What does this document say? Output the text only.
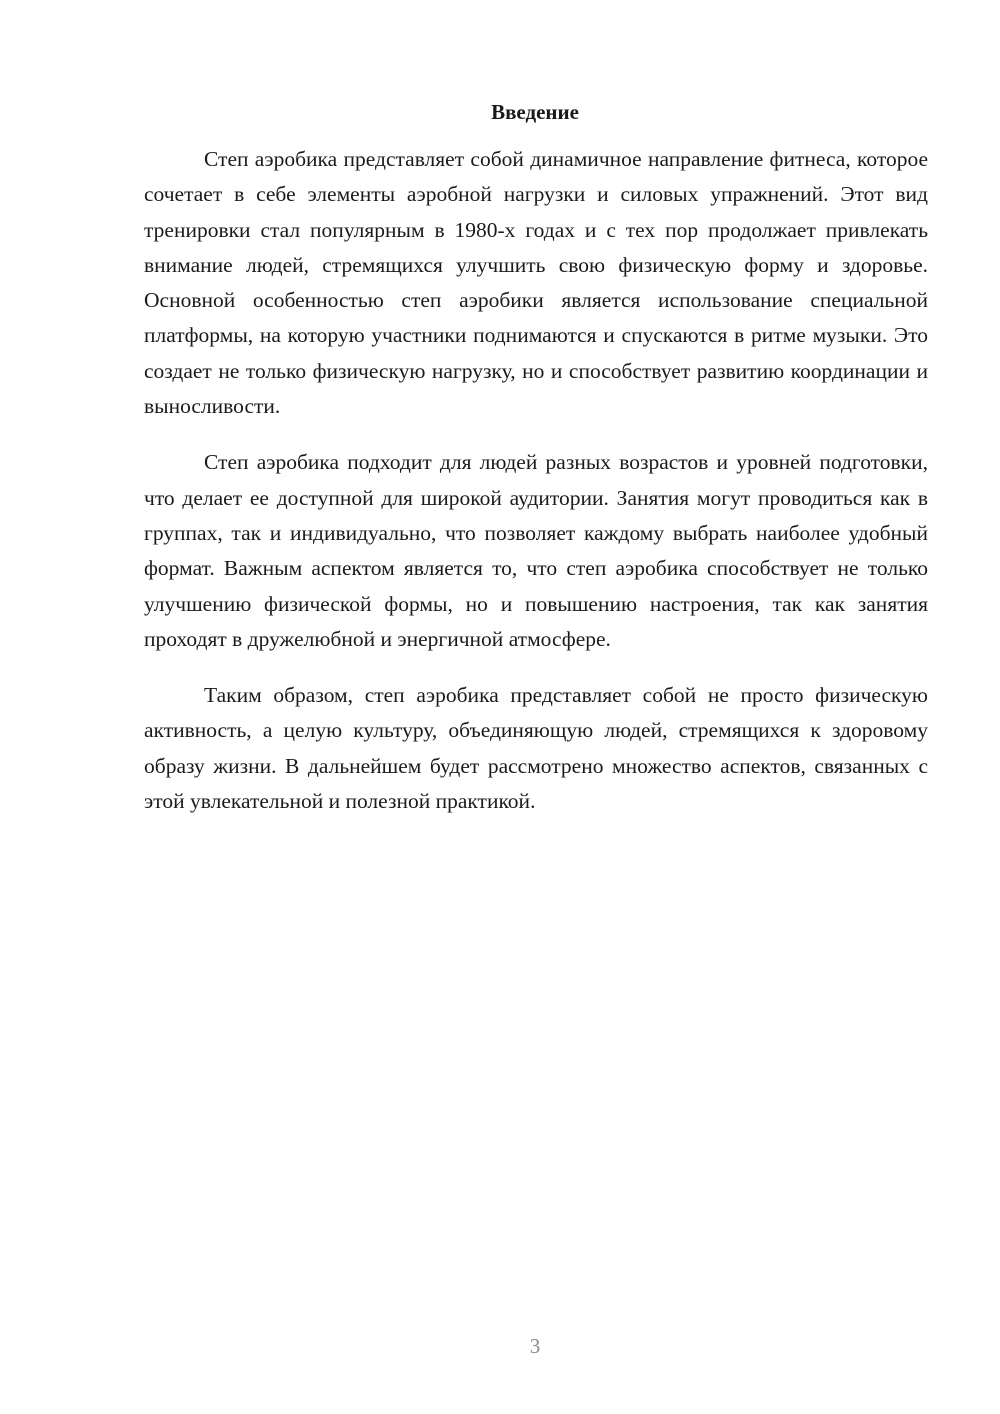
Введение

Степ аэробика представляет собой динамичное направление фитнеса, которое сочетает в себе элементы аэробной нагрузки и силовых упражнений. Этот вид тренировки стал популярным в 1980-х годах и с тех пор продолжает привлекать внимание людей, стремящихся улучшить свою физическую форму и здоровье. Основной особенностью степ аэробики является использование специальной платформы, на которую участники поднимаются и спускаются в ритме музыки. Это создает не только физическую нагрузку, но и способствует развитию координации и выносливости.

Степ аэробика подходит для людей разных возрастов и уровней подготовки, что делает ее доступной для широкой аудитории. Занятия могут проводиться как в группах, так и индивидуально, что позволяет каждому выбрать наиболее удобный формат. Важным аспектом является то, что степ аэробика способствует не только улучшению физической формы, но и повышению настроения, так как занятия проходят в дружелюбной и энергичной атмосфере.

Таким образом, степ аэробика представляет собой не просто физическую активность, а целую культуру, объединяющую людей, стремящихся к здоровому образу жизни. В дальнейшем будет рассмотрено множество аспектов, связанных с этой увлекательной и полезной практикой.

3
